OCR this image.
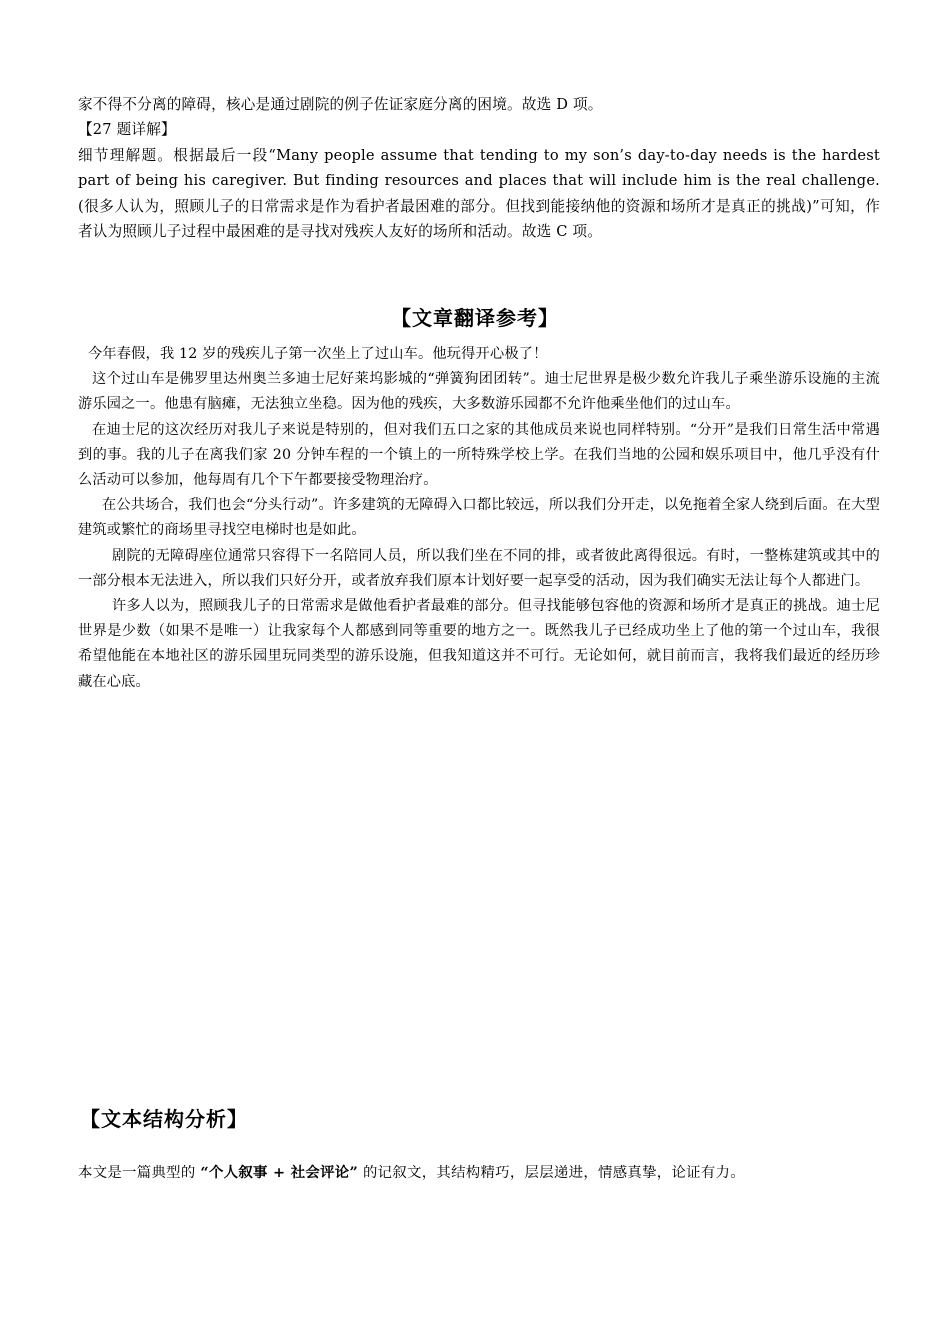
家不得不分离的障碍，核心是通过剧院的例子佐证家庭分离的困境。故选 D 项。

【27 题详解】

细节理解题。根据最后一段“Many people assume that tending to my son’s day-to-day needs is the hardest part of being his caregiver. But finding resources and places that will include him is the real challenge. (很多人认为，照顾儿子的日常需求是作为看护者最困难的部分。但找到能接纳他的资源和场所才是真正的挑战)”可知，作者认为照顾儿子过程中最困难的是寻找对残疾人友好的场所和活动。故选 C 项。

【文章翻译参考】

今年春假，我 12 岁的残疾儿子第一次坐上了过山车。他玩得开心极了！

这个过山车是佛罗里达州奥兰多迪士尼好莱坞影城的“弹簧狗团团转”。迪士尼世界是极少数允许我儿子乘坐游乐设施的主流游乐园之一。他患有脑瘫，无法独立坐稳。因为他的残疾，大多数游乐园都不允许他乘坐他们的过山车。

在迪士尼的这次经历对我儿子来说是特别的，但对我们五口之家的其他成员来说也同样特别。“分开”是我们日常生活中常遇到的事。我的儿子在离我们家 20 分钟车程的一个镇上的一所特殊学校上学。在我们当地的公园和娱乐项目中，他几乎没有什么活动可以参加，他每周有几个下午都要接受物理治疗。

在公共场合，我们也会“分头行动”。许多建筑的无障碍入口都比较远，所以我们分开走，以免拖着全家人绕到后面。在大型建筑或繁忙的商场里寻找空电梯时也是如此。

剧院的无障碍座位通常只容得下一名陪同人员，所以我们坐在不同的排，或者彼此离得很远。有时，一整栋建筑或其中的一部分根本无法进入，所以我们只好分开，或者放弃我们原本计划好要一起享受的活动，因为我们确实无法让每个人都进门。

许多人以为，照顾我儿子的日常需求是做他看护者最难的部分。但寻找能够包容他的资源和场所才是真正的挑战。迪士尼世界是少数（如果不是唯一）让我家每个人都感到同等重要的地方之一。既然我儿子已经成功坐上了他的第一个过山车，我很希望他能在本地社区的游乐园里玩同类型的游乐设施，但我知道这并不可行。无论如何，就目前而言，我将我们最近的经历珍藏在心底。

【文本结构分析】
本文是一篇典型的 “个人叙事 + 社会评论” 的记叙文，其结构精巧，层层递进，情感真挚，论证有力。
